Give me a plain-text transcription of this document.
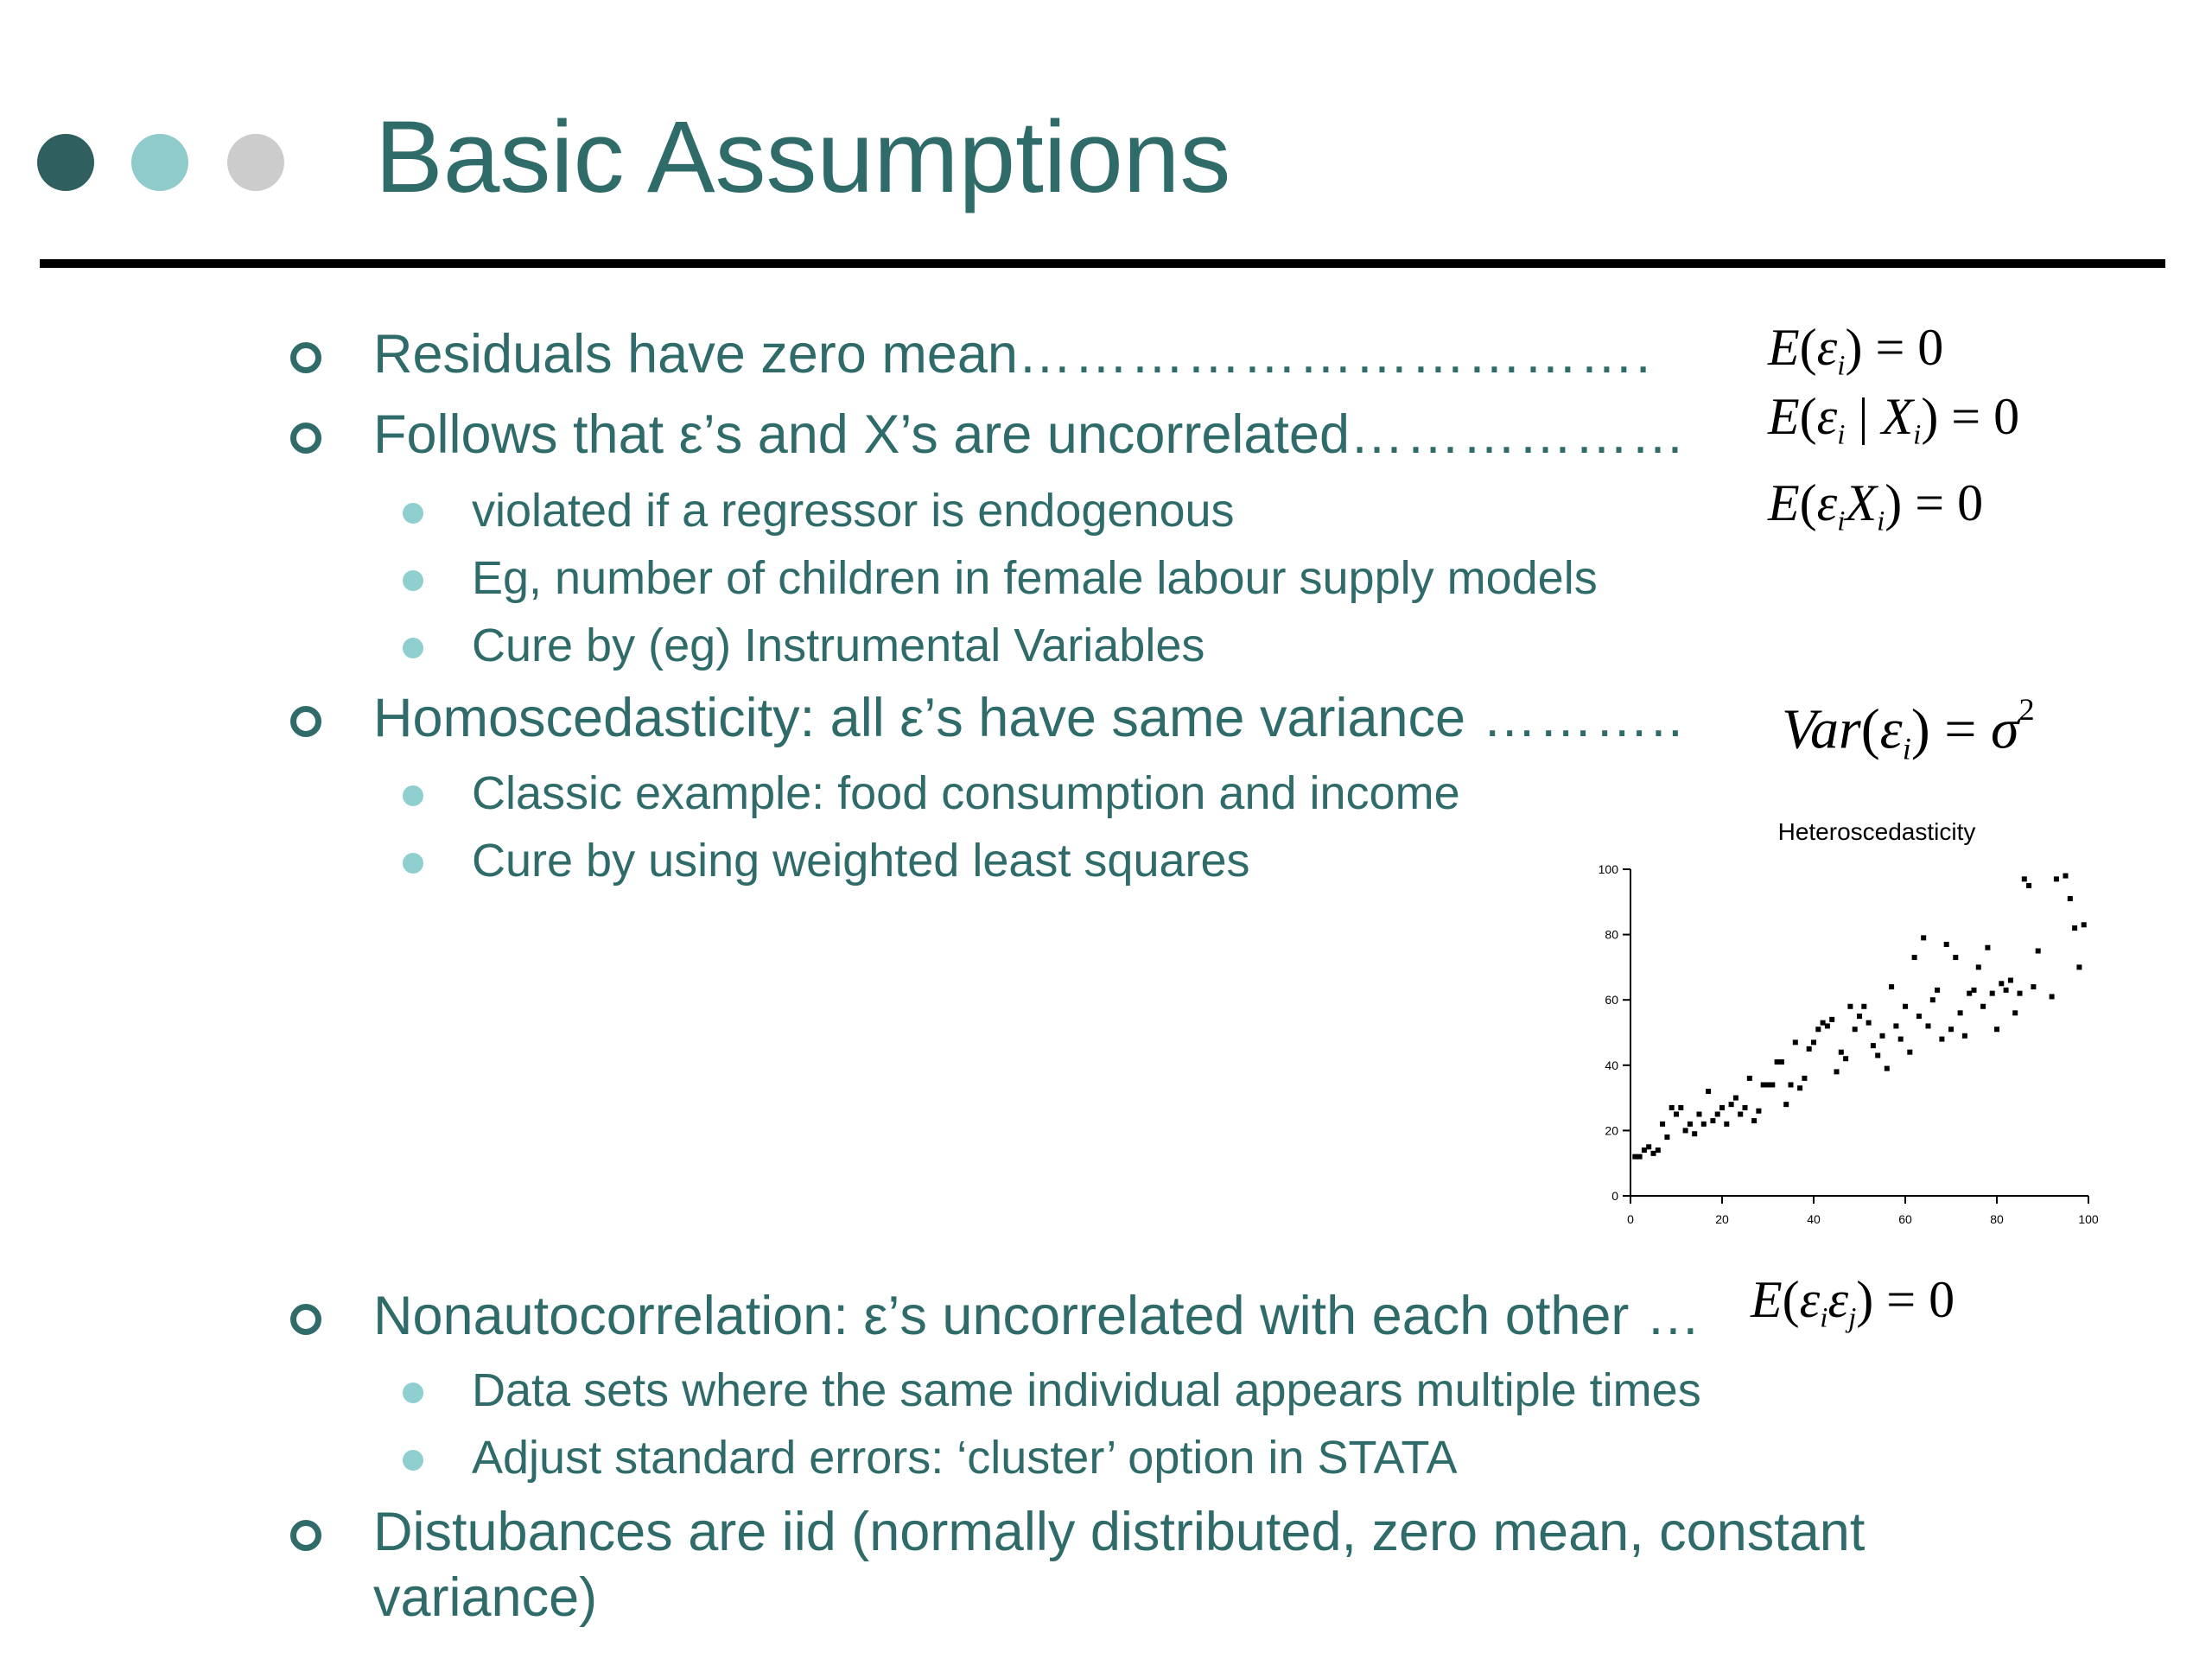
Basic Assumptions
Residuals have zero mean…………………………….
Follows that ε’s and X’s are uncorrelated………………
violated if a regressor is endogenous
Eg, number of children in female labour supply models
Cure by (eg) Instrumental Variables
Homoscedasticity: all ε’s have same variance ………..
Classic example: food consumption and income
Cure by using weighted least squares
Nonautocorrelation: ε’s uncorrelated with each other …
Data sets where the same individual appears multiple times
Adjust standard errors: ‘cluster’ option in STATA
Distubances are iid (normally distributed, zero mean, constant
variance)
$E(\varepsilon_i) = 0$
$E(\varepsilon_i$ | $X_i) = 0$
$E(\varepsilon_iX_i) = 0$
$Var(\varepsilon_i) = \sigma^2$
$E(\varepsilon_i\varepsilon_j) = 0$
Heteroscedasticity
0
20
40
60
80
100
0	20	40	60	80	100
